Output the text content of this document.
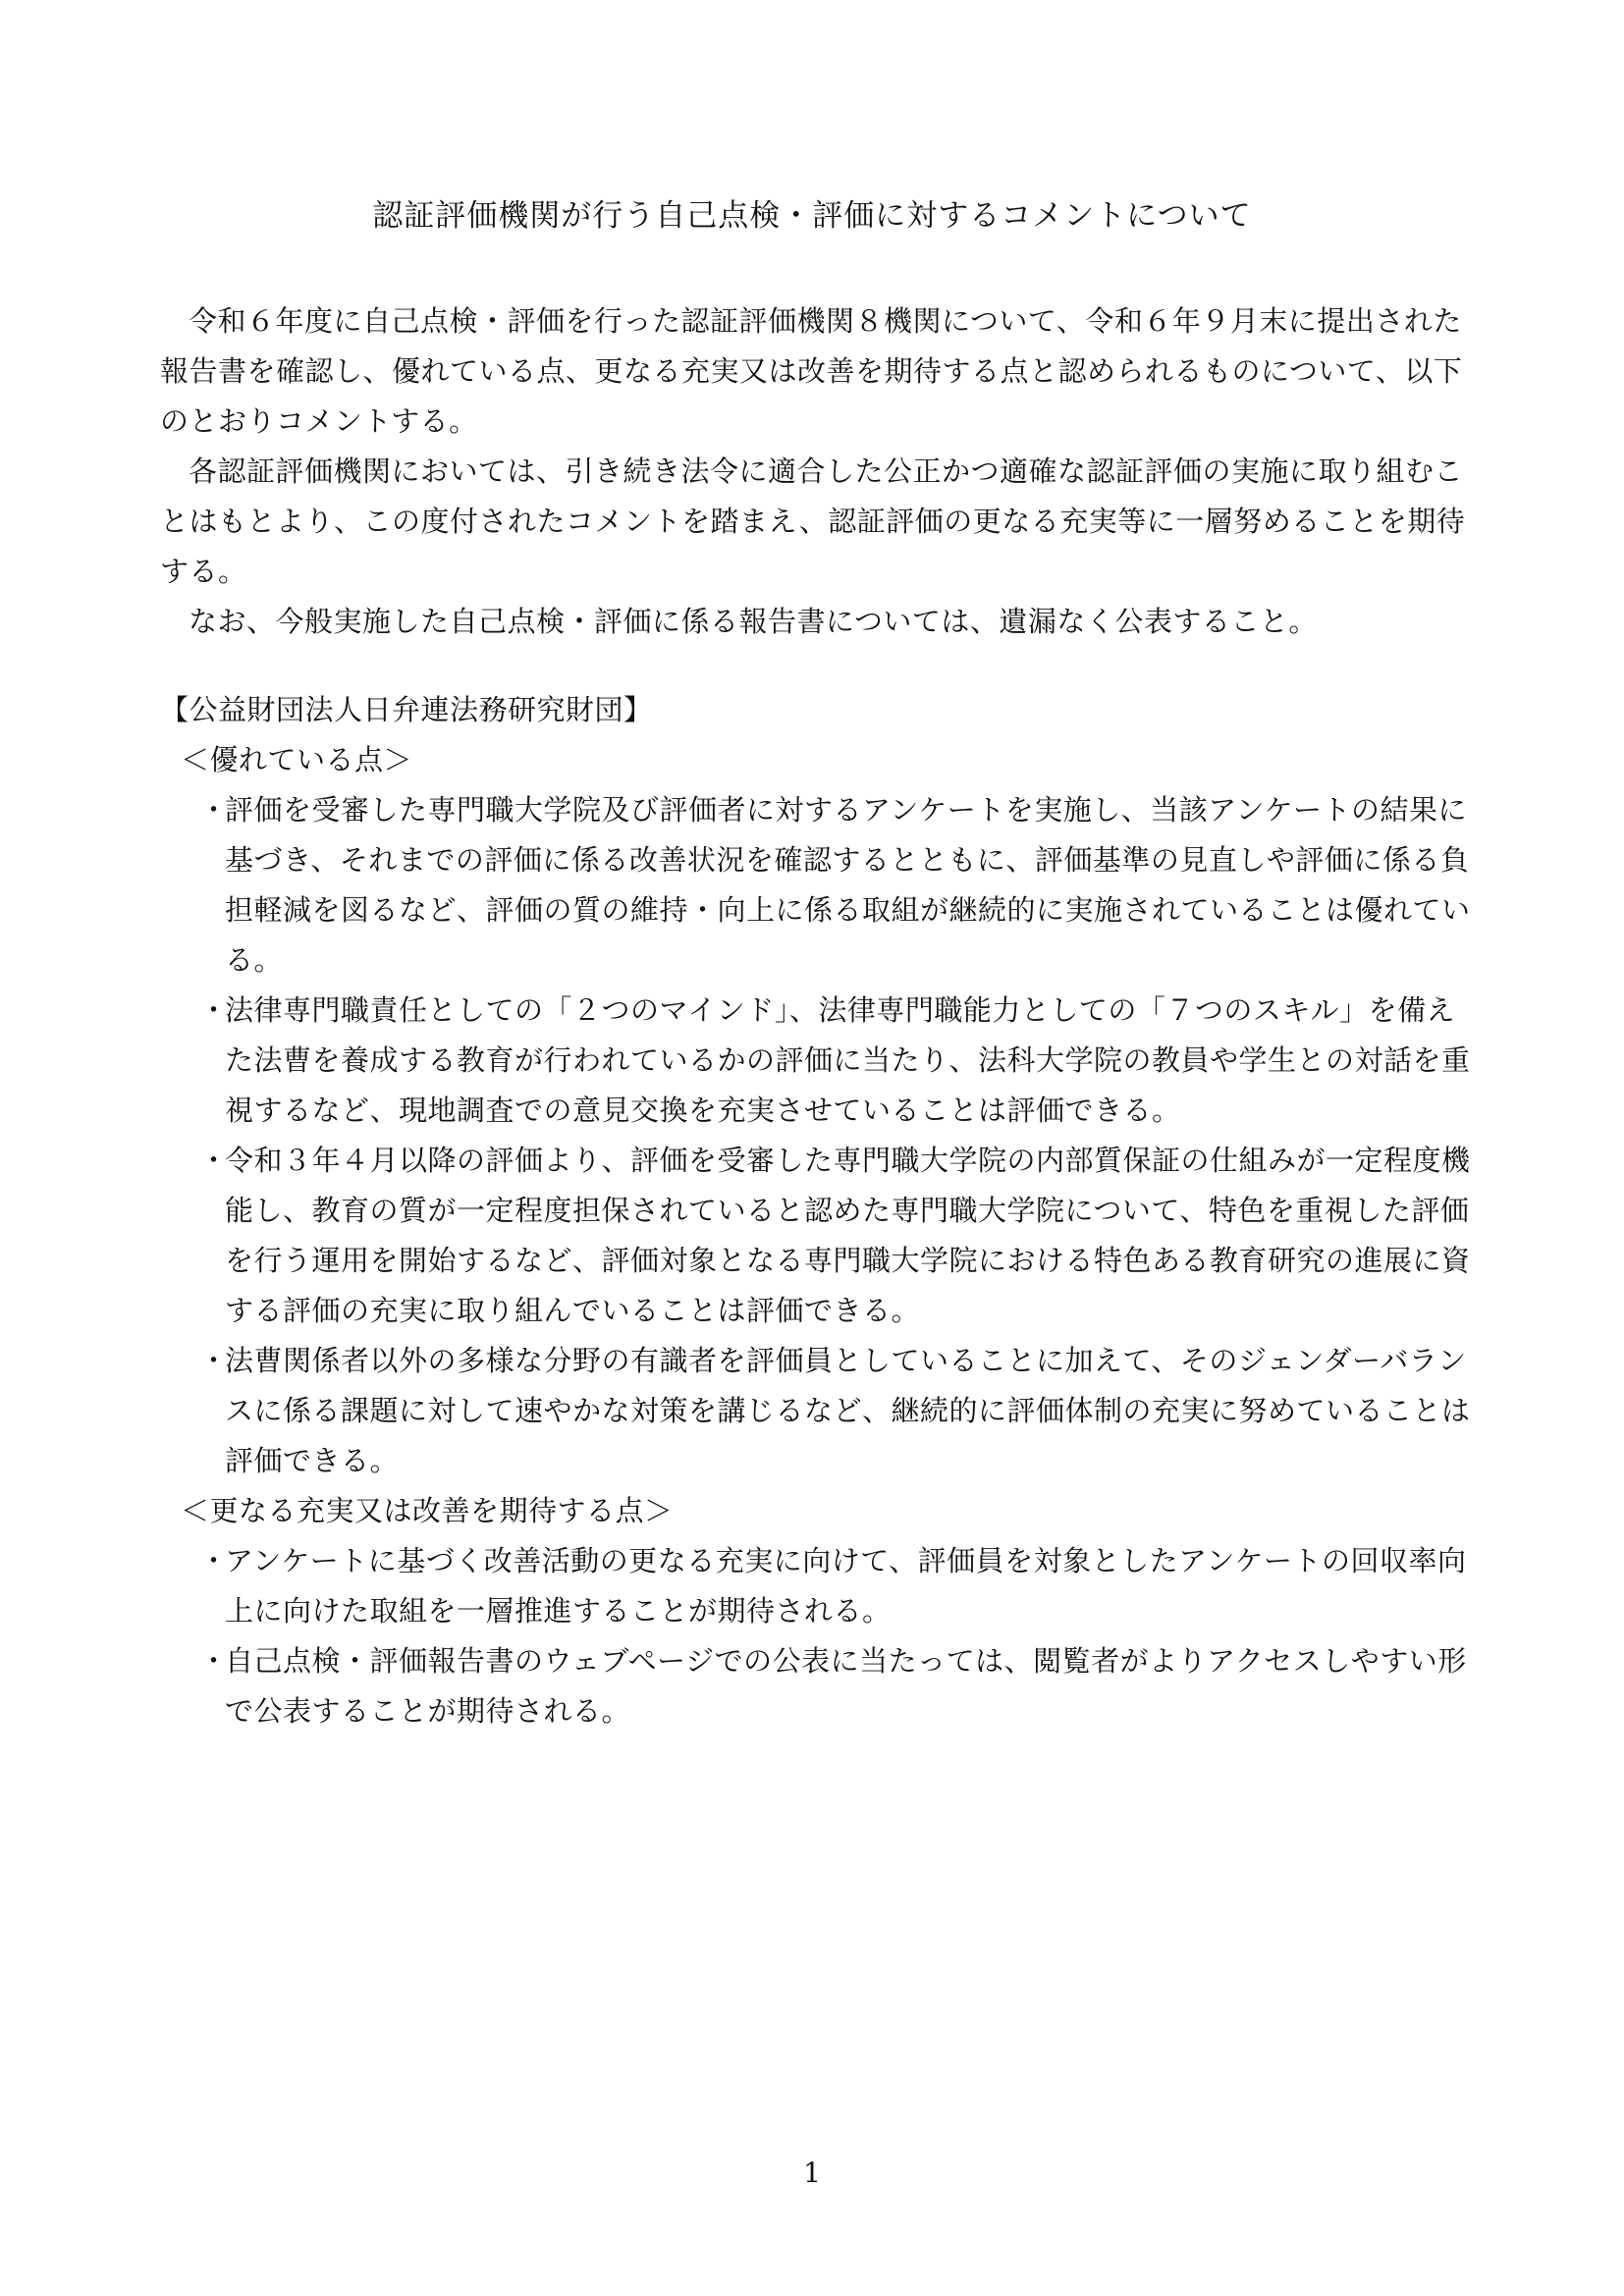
認証評価機関が行う自己点検・評価に対するコメントについて

令和６年度に自己点検・評価を行った認証評価機関８機関について、令和６年９月末に提出された報告書を確認し、優れている点、更なる充実又は改善を期待する点と認められるものについて、以下のとおりコメントする。

各認証評価機関においては、引き続き法令に適合した公正かつ適確な認証評価の実施に取り組むことはもとより、この度付されたコメントを踏まえ、認証評価の更なる充実等に一層努めることを期待する。

なお、今般実施した自己点検・評価に係る報告書については、遺漏なく公表すること。

【公益財団法人日弁連法務研究財団】

＜優れている点＞

・
評価を受審した専門職大学院及び評価者に対するアンケートを実施し、当該アンケートの結果に基づき、それまでの評価に係る改善状況を確認するとともに、評価基準の見直しや評価に係る負担軽減を図るなど、評価の質の維持・向上に係る取組が継続的に実施されていることは優れている。
・
法律専門職責任としての「２つのマインド」、法律専門職能力としての「７つのスキル」を備えた法曹を養成する教育が行われているかの評価に当たり、法科大学院の教員や学生との対話を重視するなど、現地調査での意見交換を充実させていることは評価できる。
・
令和３年４月以降の評価より、評価を受審した専門職大学院の内部質保証の仕組みが一定程度機能し、教育の質が一定程度担保されていると認めた専門職大学院について、特色を重視した評価を行う運用を開始するなど、評価対象となる専門職大学院における特色ある教育研究の進展に資する評価の充実に取り組んでいることは評価できる。
・
法曹関係者以外の多様な分野の有識者を評価員としていることに加えて、そのジェンダーバランスに係る課題に対して速やかな対策を講じるなど、継続的に評価体制の充実に努めていることは評価できる。

＜更なる充実又は改善を期待する点＞

・
アンケートに基づく改善活動の更なる充実に向けて、評価員を対象としたアンケートの回収率向上に向けた取組を一層推進することが期待される。
・
自己点検・評価報告書のウェブページでの公表に当たっては、閲覧者がよりアクセスしやすい形で公表することが期待される。
1
